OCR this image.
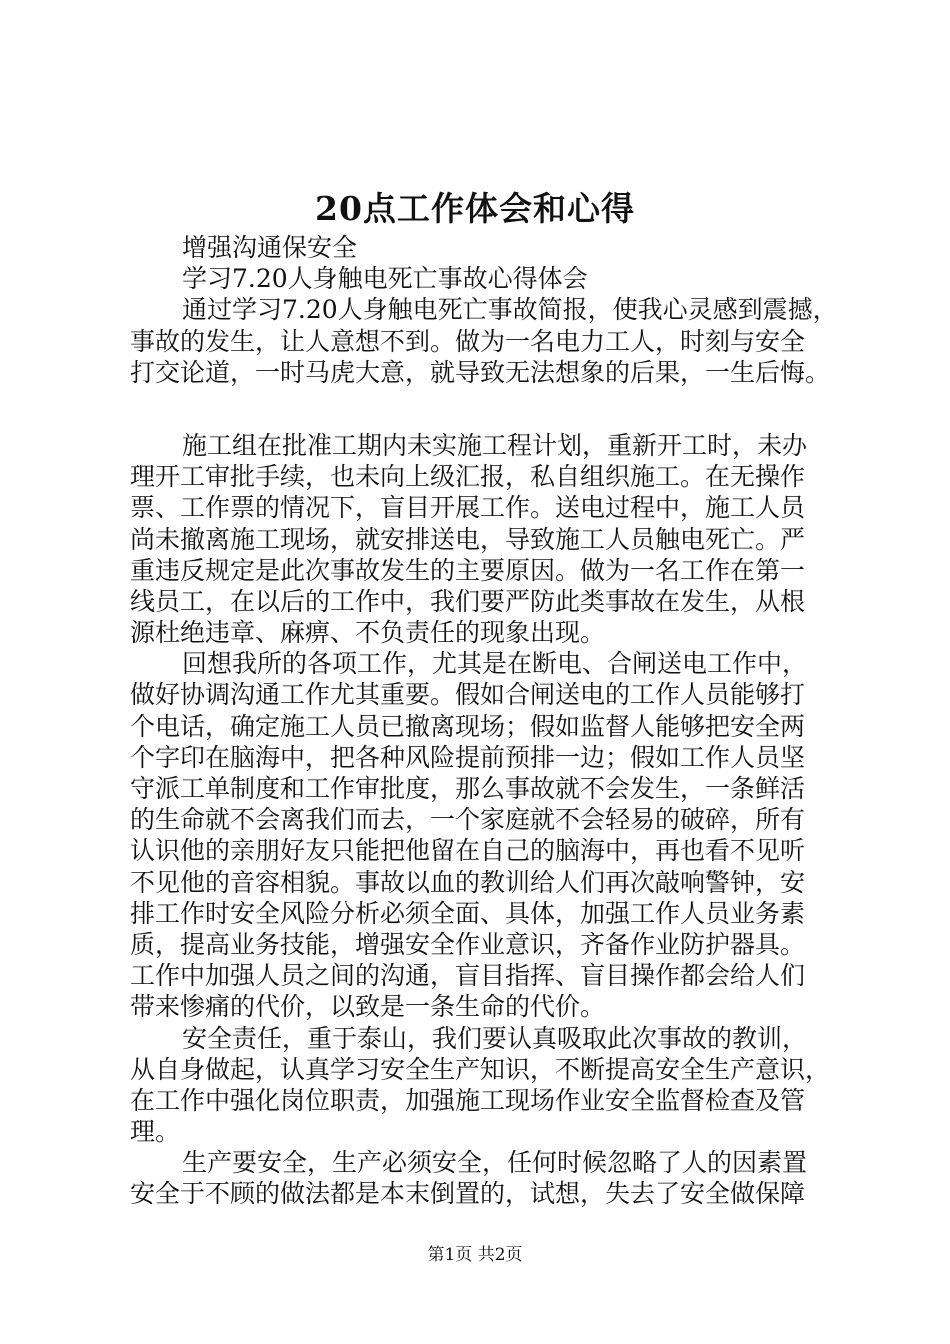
20点工作体会和心得
增强沟通保安全
学习7.20人身触电死亡事故心得体会
通过学习7.20人身触电死亡事故简报，使我心灵感到震撼，
事故的发生，让人意想不到。做为一名电力工人，时刻与安全
打交论道，一时马虎大意，就导致无法想象的后果，一生后悔。
施工组在批准工期内未实施工程计划，重新开工时，未办
理开工审批手续，也未向上级汇报，私自组织施工。在无操作
票、工作票的情况下，盲目开展工作。送电过程中，施工人员
尚未撤离施工现场，就安排送电，导致施工人员触电死亡。严
重违反规定是此次事故发生的主要原因。做为一名工作在第一
线员工，在以后的工作中，我们要严防此类事故在发生，从根
源杜绝违章、麻痹、不负责任的现象出现。
回想我所的各项工作，尤其是在断电、合闸送电工作中，
做好协调沟通工作尤其重要。假如合闸送电的工作人员能够打
个电话，确定施工人员已撤离现场；假如监督人能够把安全两
个字印在脑海中，把各种风险提前预排一边；假如工作人员坚
守派工单制度和工作审批度，那么事故就不会发生，一条鲜活
的生命就不会离我们而去，一个家庭就不会轻易的破碎，所有
认识他的亲朋好友只能把他留在自己的脑海中，再也看不见听
不见他的音容相貌。事故以血的教训给人们再次敲响警钟，安
排工作时安全风险分析必须全面、具体，加强工作人员业务素
质，提高业务技能，增强安全作业意识，齐备作业防护器具。
工作中加强人员之间的沟通，盲目指挥、盲目操作都会给人们
带来惨痛的代价，以致是一条生命的代价。
安全责任，重于泰山，我们要认真吸取此次事故的教训，
从自身做起，认真学习安全生产知识，不断提高安全生产意识，
在工作中强化岗位职责，加强施工现场作业安全监督检查及管
理。
生产要安全，生产必须安全，任何时候忽略了人的因素置
安全于不顾的做法都是本末倒置的，试想，失去了安全做保障
第1页 共2页
